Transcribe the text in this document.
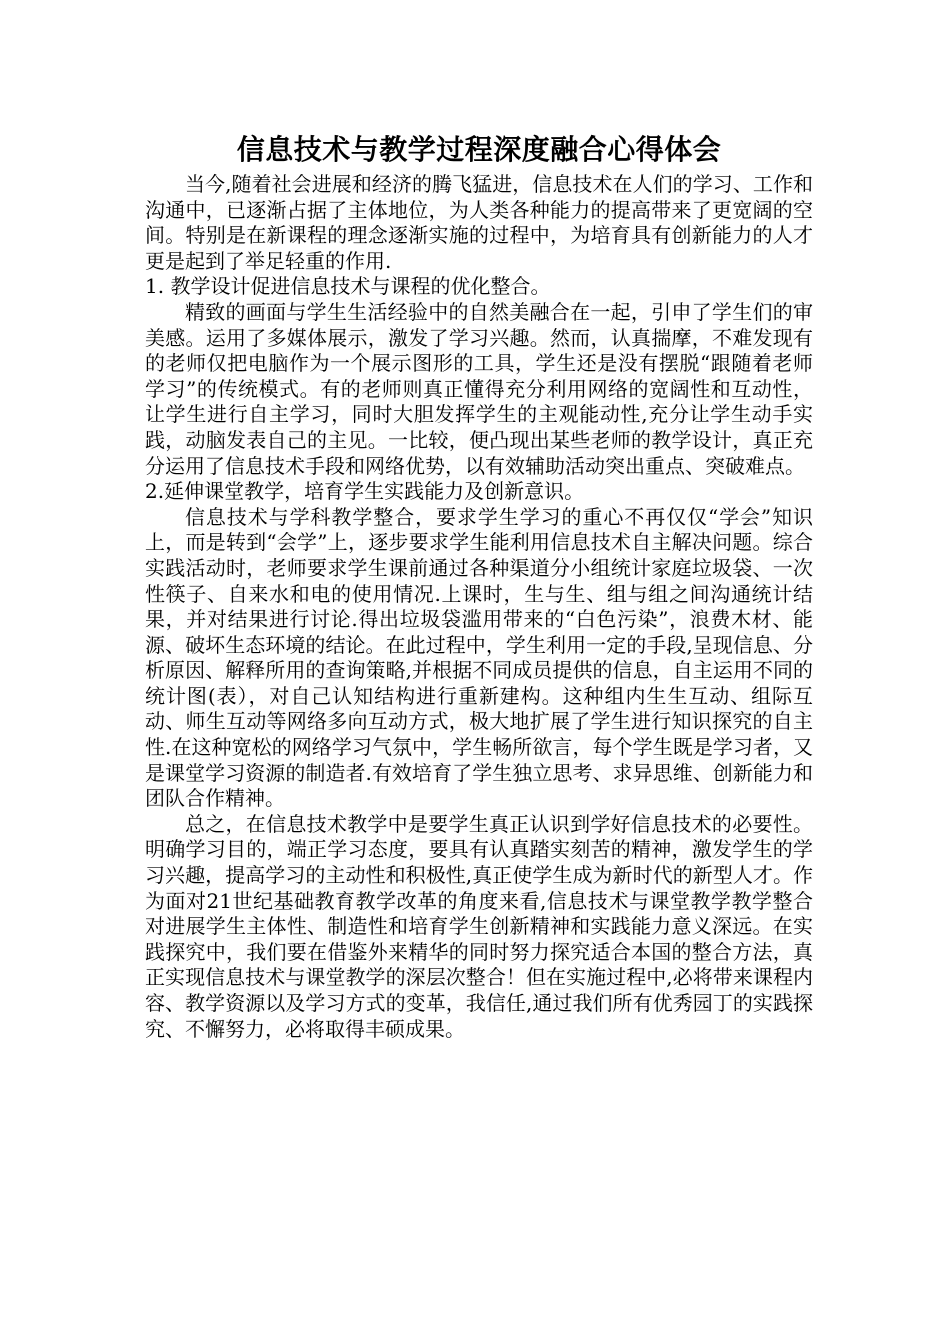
信息技术与教学过程深度融合心得体会

当今,随着社会进展和经济的腾飞猛进，信息技术在人们的学习、工作和沟通中，已逐渐占据了主体地位，为人类各种能力的提高带来了更宽阔的空间。特别是在新课程的理念逐渐实施的过程中，为培育具有创新能力的人才更是起到了举足轻重的作用.

1. 教学设计促进信息技术与课程的优化整合。

精致的画面与学生生活经验中的自然美融合在一起，引申了学生们的审美感。运用了多媒体展示，激发了学习兴趣。然而，认真揣摩，不难发现有的老师仅把电脑作为一个展示图形的工具，学生还是没有摆脱“跟随着老师学习”的传统模式。有的老师则真正懂得充分利用网络的宽阔性和互动性，让学生进行自主学习，同时大胆发挥学生的主观能动性,充分让学生动手实践，动脑发表自己的主见。一比较，便凸现出某些老师的教学设计，真正充分运用了信息技术手段和网络优势，以有效辅助活动突出重点、突破难点。

2.延伸课堂教学，培育学生实践能力及创新意识。

信息技术与学科教学整合，要求学生学习的重心不再仅仅“学会”知识上，而是转到“会学”上，逐步要求学生能利用信息技术自主解决问题。综合实践活动时，老师要求学生课前通过各种渠道分小组统计家庭垃圾袋、一次性筷子、自来水和电的使用情况.上课时，生与生、组与组之间沟通统计结果，并对结果进行讨论.得出垃圾袋滥用带来的“白色污染”，浪费木材、能源、破坏生态环境的结论。在此过程中，学生利用一定的手段,呈现信息、分析原因、解释所用的查询策略,并根据不同成员提供的信息，自主运用不同的统计图(表），对自己认知结构进行重新建构。这种组内生生互动、组际互动、师生互动等网络多向互动方式，极大地扩展了学生进行知识探究的自主性.在这种宽松的网络学习气氛中，学生畅所欲言，每个学生既是学习者，又是课堂学习资源的制造者.有效培育了学生独立思考、求异思维、创新能力和团队合作精神。

总之，在信息技术教学中是要学生真正认识到学好信息技术的必要性。明确学习目的，端正学习态度，要具有认真踏实刻苦的精神，激发学生的学习兴趣，提高学习的主动性和积极性,真正使学生成为新时代的新型人才。作为面对21世纪基础教育教学改革的角度来看,信息技术与课堂教学教学整合对进展学生主体性、制造性和培育学生创新精神和实践能力意义深远。在实践探究中，我们要在借鉴外来精华的同时努力探究适合本国的整合方法，真正实现信息技术与课堂教学的深层次整合！但在实施过程中,必将带来课程内容、教学资源以及学习方式的变革，我信任,通过我们所有优秀园丁的实践探究、不懈努力，必将取得丰硕成果。
